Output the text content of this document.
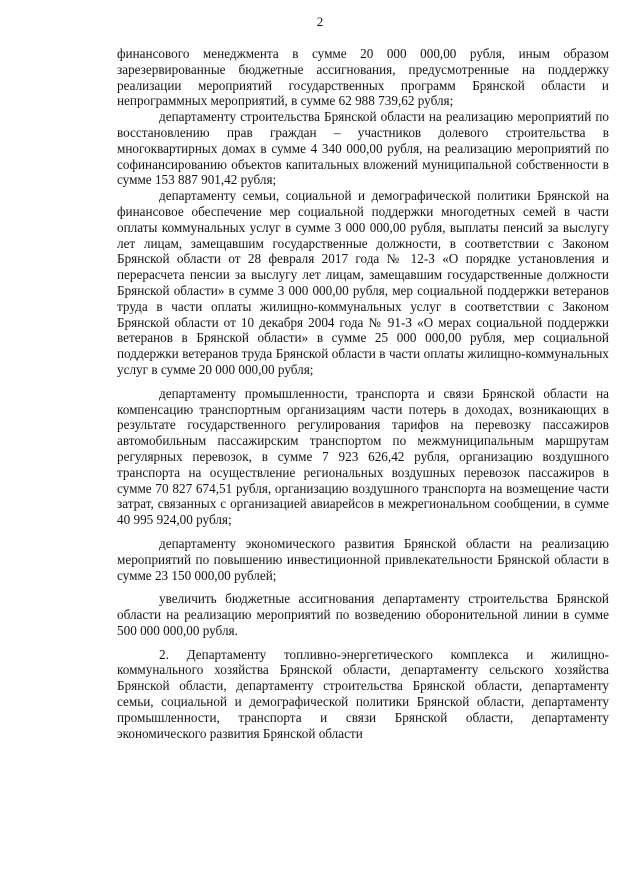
2

финансового менеджмента в сумме 20 000 000,00 рубля, иным образом зарезервированные бюджетные ассигнования, предусмотренные на поддержку реализации мероприятий государственных программ Брянской области и непрограммных мероприятий, в сумме 62 988 739,62 рубля;

департаменту строительства Брянской области на реализацию мероприятий по восстановлению прав граждан – участников долевого строительства в многоквартирных домах в сумме 4 340 000,00 рубля, на реализацию мероприятий по софинансированию объектов капитальных вложений муниципальной собственности в сумме 153 887 901,42 рубля;

департаменту семьи, социальной и демографической политики Брянской на финансовое обеспечение мер социальной поддержки многодетных семей в части оплаты коммунальных услуг в сумме 3 000 000,00 рубля, выплаты пенсий за выслугу лет лицам, замещавшим государственные должности, в соответствии с Законом Брянской области от 28 февраля 2017 года № 12-З «О порядке установления и перерасчета пенсии за выслугу лет лицам, замещавшим государственные должности Брянской области» в сумме 3 000 000,00 рубля, мер социальной поддержки ветеранов труда в части оплаты жилищно-коммунальных услуг в соответствии с Законом Брянской области от 10 декабря 2004 года № 91-З «О мерах социальной поддержки ветеранов в Брянской области» в сумме 25 000 000,00 рубля, мер социальной поддержки ветеранов труда Брянской области в части оплаты жилищно-коммунальных услуг в сумме 20 000 000,00 рубля;

департаменту промышленности, транспорта и связи Брянской области на компенсацию транспортным организациям части потерь в доходах, возникающих в результате государственного регулирования тарифов на перевозку пассажиров автомобильным пассажирским транспортом по межмуниципальным маршрутам регулярных перевозок, в сумме 7 923 626,42 рубля, организацию воздушного транспорта на осуществление региональных воздушных перевозок пассажиров в сумме 70 827 674,51 рубля, организацию воздушного транспорта на возмещение части затрат, связанных с организацией авиарейсов в межрегиональном сообщении, в сумме 40 995 924,00 рубля;

департаменту экономического развития Брянской области на реализацию мероприятий по повышению инвестиционной привлекательности Брянской области в сумме 23 150 000,00 рублей;

увеличить бюджетные ассигнования департаменту строительства Брянской области на реализацию мероприятий по возведению оборонительной линии в сумме 500 000 000,00 рубля.

2. Департаменту топливно-энергетического комплекса и жилищно-коммунального хозяйства Брянской области, департаменту сельского хозяйства Брянской области, департаменту строительства Брянской области, департаменту семьи, социальной и демографической политики Брянской области, департаменту промышленности, транспорта и связи Брянской области, департаменту экономического развития Брянской области
